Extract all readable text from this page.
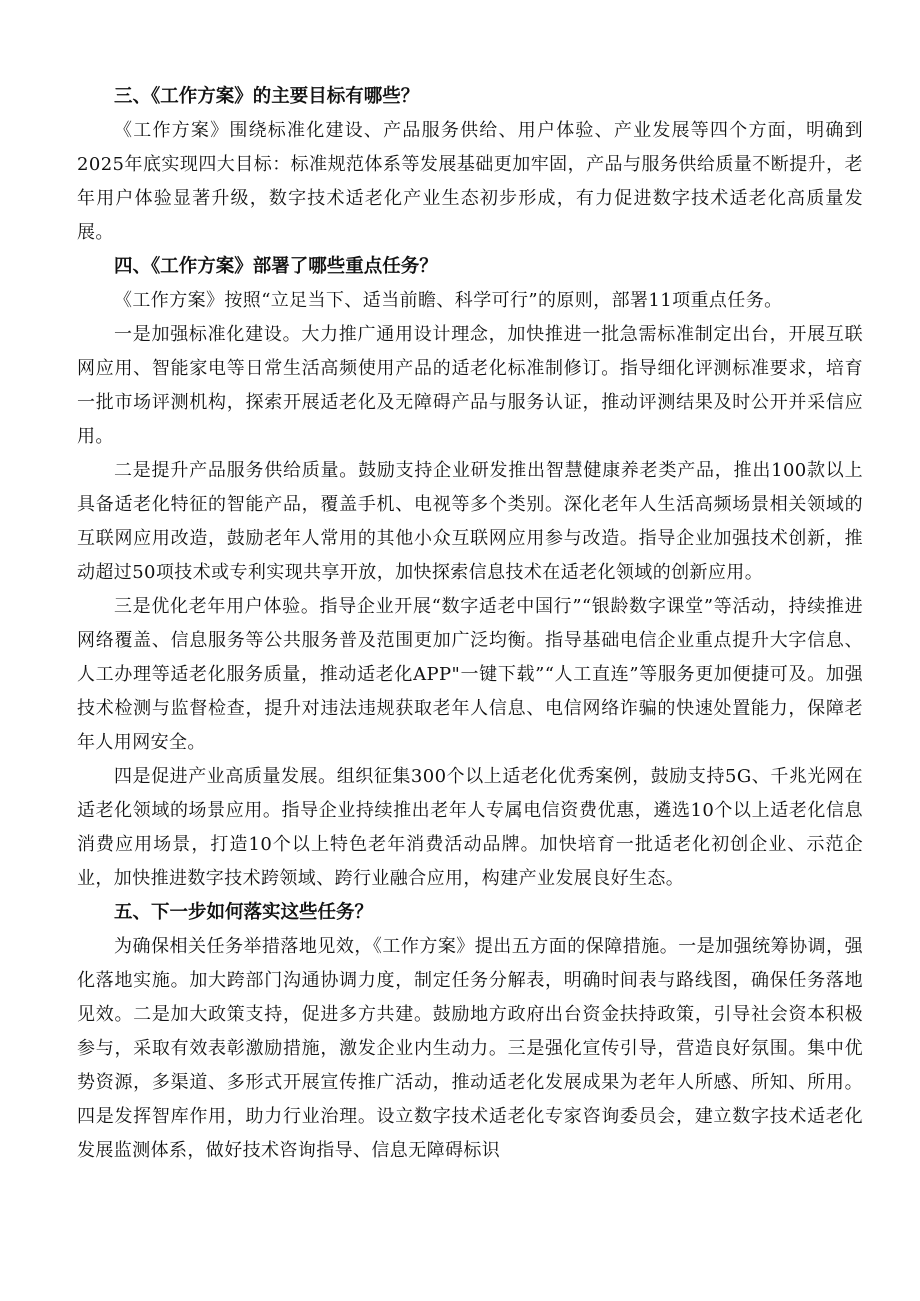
三、《工作方案》的主要目标有哪些？

《工作方案》围绕标准化建设、产品服务供给、用户体验、产业发展等四个方面，明确到2025年底实现四大目标：标准规范体系等发展基础更加牢固，产品与服务供给质量不断提升，老年用户体验显著升级，数字技术适老化产业生态初步形成，有力促进数字技术适老化高质量发展。

四、《工作方案》部署了哪些重点任务？

《工作方案》按照“立足当下、适当前瞻、科学可行”的原则，部署11项重点任务。

一是加强标准化建设。大力推广通用设计理念，加快推进一批急需标准制定出台，开展互联网应用、智能家电等日常生活高频使用产品的适老化标准制修订。指导细化评测标准要求，培育一批市场评测机构，探索开展适老化及无障碍产品与服务认证，推动评测结果及时公开并采信应用。

二是提升产品服务供给质量。鼓励支持企业研发推出智慧健康养老类产品，推出100款以上具备适老化特征的智能产品，覆盖手机、电视等多个类别。深化老年人生活高频场景相关领域的互联网应用改造，鼓励老年人常用的其他小众互联网应用参与改造。指导企业加强技术创新，推动超过50项技术或专利实现共享开放，加快探索信息技术在适老化领域的创新应用。

三是优化老年用户体验。指导企业开展“数字适老中国行”“银龄数字课堂”等活动，持续推进网络覆盖、信息服务等公共服务普及范围更加广泛均衡。指导基础电信企业重点提升大字信息、人工办理等适老化服务质量，推动适老化APP"一键下载”“人工直连”等服务更加便捷可及。加强技术检测与监督检查，提升对违法违规获取老年人信息、电信网络诈骗的快速处置能力，保障老年人用网安全。

四是促进产业高质量发展。组织征集300个以上适老化优秀案例，鼓励支持5G、千兆光网在适老化领域的场景应用。指导企业持续推出老年人专属电信资费优惠，遴选10个以上适老化信息消费应用场景，打造10个以上特色老年消费活动品牌。加快培育一批适老化初创企业、示范企业，加快推进数字技术跨领域、跨行业融合应用，构建产业发展良好生态。

五、下一步如何落实这些任务？

为确保相关任务举措落地见效，《工作方案》提出五方面的保障措施。一是加强统筹协调，强化落地实施。加大跨部门沟通协调力度，制定任务分解表，明确时间表与路线图，确保任务落地见效。二是加大政策支持，促进多方共建。鼓励地方政府出台资金扶持政策，引导社会资本积极参与，采取有效表彰激励措施，激发企业内生动力。三是强化宣传引导，营造良好氛围。集中优势资源，多渠道、多形式开展宣传推广活动，推动适老化发展成果为老年人所感、所知、所用。四是发挥智库作用，助力行业治理。设立数字技术适老化专家咨询委员会，建立数字技术适老化发展监测体系，做好技术咨询指导、信息无障碍标识
